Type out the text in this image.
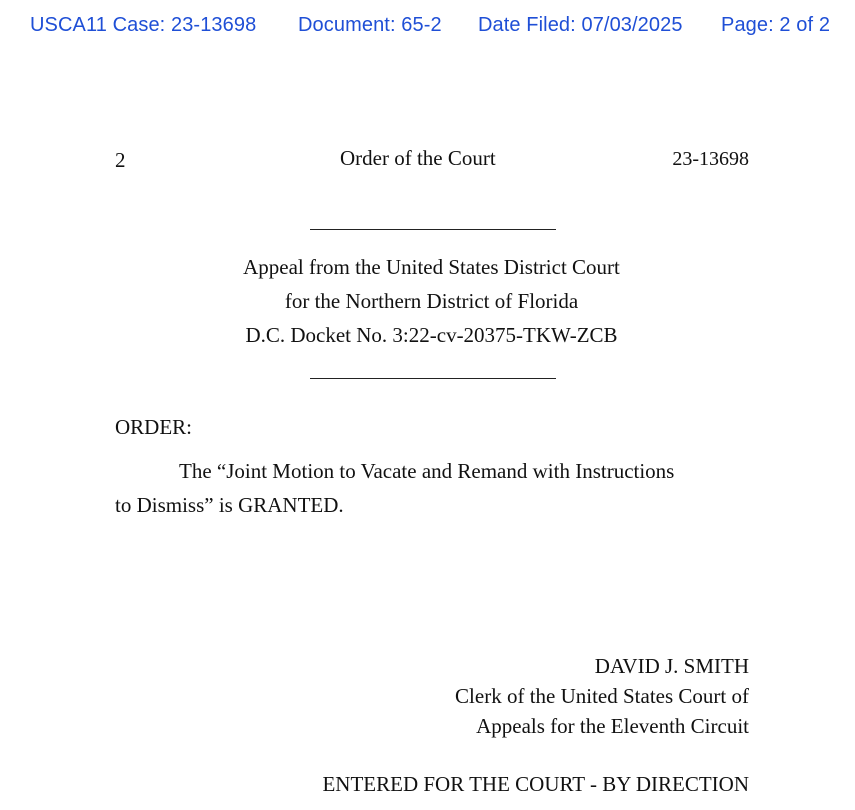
USCA11 Case: 23-13698 Document: 65-2 Date Filed: 07/03/2025 Page: 2 of 2
2	Order of the Court	23-13698
Appeal from the United States District Court
for the Northern District of Florida
D.C. Docket No. 3:22-cv-20375-TKW-ZCB
ORDER:
The “Joint Motion to Vacate and Remand with Instructions
to Dismiss” is GRANTED.
DAVID J. SMITH
Clerk of the United States Court of
Appeals for the Eleventh Circuit
ENTERED FOR THE COURT - BY DIRECTION
